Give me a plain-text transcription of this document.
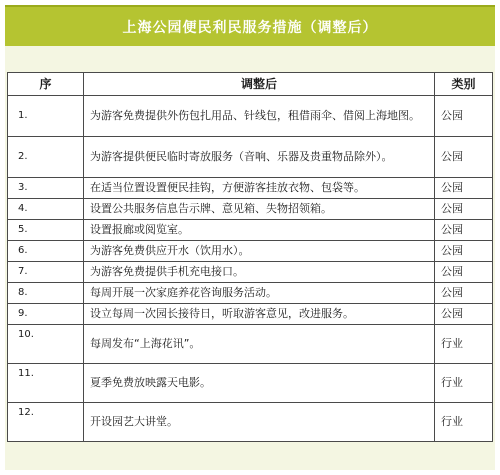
上海公园便民利民服务措施（调整后）
序	调整后	类别
1.	为游客免费提供外伤包扎用品、针线包，租借雨伞、借阅上海地图。	公园
2.	为游客提供便民临时寄放服务（音响、乐器及贵重物品除外）。	公园
3.	在适当位置设置便民挂钩，方便游客挂放衣物、包袋等。	公园
4.	设置公共服务信息告示牌、意见箱、失物招领箱。	公园
5.	设置报廊或阅览室。	公园
6.	为游客免费供应开水（饮用水）。	公园
7.	为游客免费提供手机充电接口。	公园
8.	每周开展一次家庭养花咨询服务活动。	公园
9.	设立每周一次园长接待日，听取游客意见，改进服务。	公园
10.	每周发布“上海花讯”。	行业
11.	夏季免费放映露天电影。	行业
12.	开设园艺大讲堂。	行业
